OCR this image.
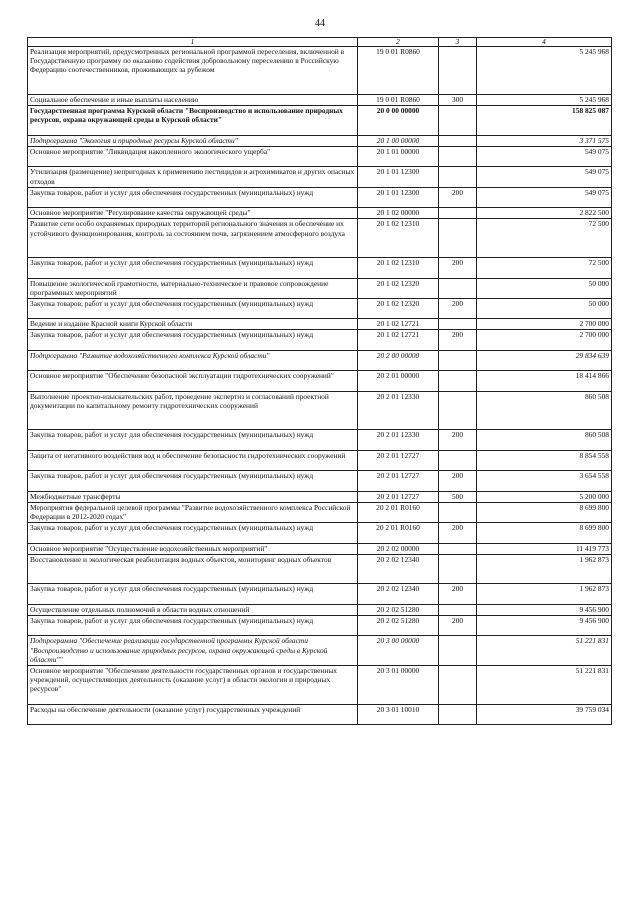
44
1	2	3	4
Реализация мероприятий, предусмотренных региональной программой переселения, включенной в Государственную программу по оказанию содействия добровольному переселению в Российскую Федерацию соотечественников, проживающих за рубежом	19 0 01 R0860		5 245 968
Социальное обеспечение и иные выплаты населению	19 0 01 R0860	300	5 245 968
Государственная программа Курской области "Воспроизводство и использование природных ресурсов, охрана окружающей среды в Курской области"	20 0 00 00000		158 825 087
Подпрограмма "Экология и природные ресурсы Курской области"	20 1 00 00000		3 371 575
Основное мероприятие "Ликвидация накопленного экологического ущерба"	20 1 01 00000		549 075
Утилизация (размещение) непригодных к применению пестицидов и агрохимикатов и других опасных отходов	20 1 01 12300		549 075
Закупка товаров, работ и услуг для обеспечения государственных (муниципальных) нужд	20 1 01 12300	200	549 075
Основное мероприятие "Регулирование качества окружающей среды"	20 1 02 00000		2 822 500
Развитие сети особо охраняемых природных территорий регионального значения и обеспечение их устойчивого функционирования, контроль за состоянием почв, загрязнением атмосферного воздуха	20 1 02 12310		72 500
Закупка товаров, работ и услуг для обеспечения государственных (муниципальных) нужд	20 1 02 12310	200	72 500
Повышение экологической грамотности, материально-техническое и правовое сопровождение программных мероприятий	20 1 02 12320		50 000
Закупка товаров, работ и услуг для обеспечения государственных (муниципальных) нужд	20 1 02 12320	200	50 000
Ведение и издание Красной книги Курской области	20 1 02 12721		2 700 000
Закупка товаров, работ и услуг для обеспечения государственных (муниципальных) нужд	20 1 02 12721	200	2 700 000
Подпрограмма "Развитие водохозяйственного комплекса Курской области"	20 2 00 00000		29 834 639
Основное мероприятие "Обеспечение безопасной эксплуатации гидротехнических сооружений"	20 2 01 00000		18 414 866
Выполнение проектно-изыскательских работ, проведение экспертиз и согласований проектной документации по капитальному ремонту гидротехнических сооружений	20 2 01 12330		860 508
Закупка товаров, работ и услуг для обеспечения государственных (муниципальных) нужд	20 2 01 12330	200	860 508
Защита от негативного воздействия вод и обеспечение безопасности гидротехнических сооружений	20 2 01 12727		8 854 558
Закупка товаров, работ и услуг для обеспечения государственных (муниципальных) нужд	20 2 01 12727	200	3 654 558
Межбюджетные трансферты	20 2 01 12727	500	5 200 000
Мероприятия федеральной целевой программы "Развитие водохозяйственного комплекса Российской Федерации в 2012-2020 годах"	20 2 01 R0160		8 699 800
Закупка товаров, работ и услуг для обеспечения государственных (муниципальных) нужд	20 2 01 R0160	200	8 699 800
Основное мероприятие "Осуществление водохозяйственных мероприятий"	20 2 02 00000		11 419 773
Восстановление и экологическая реабилитация водных объектов, мониторинг водных объектов	20 2 02 12340		1 962 873
Закупка товаров, работ и услуг для обеспечения государственных (муниципальных) нужд	20 2 02 12340	200	1 962 873
Осуществление отдельных полномочий в области водных отношений	20 2 02 51280		9 456 900
Закупка товаров, работ и услуг для обеспечения государственных (муниципальных) нужд	20 2 02 51280	200	9 456 900
Подпрограмма "Обеспечение реализации государственной программы Курской области "Воспроизводство и использование природных ресурсов, охрана окружающей среды в Курской области""	20 3 00 00000		51 221 831
Основное мероприятие "Обеспечение деятельности государственных органов и государственных учреждений, осуществляющих деятельность (оказание услуг) в области экологии и природных ресурсов"	20 3 01 00000		51 221 831
Расходы на обеспечение деятельности (оказание услуг) государственных учреждений	20 3 01 10010		39 759 034
